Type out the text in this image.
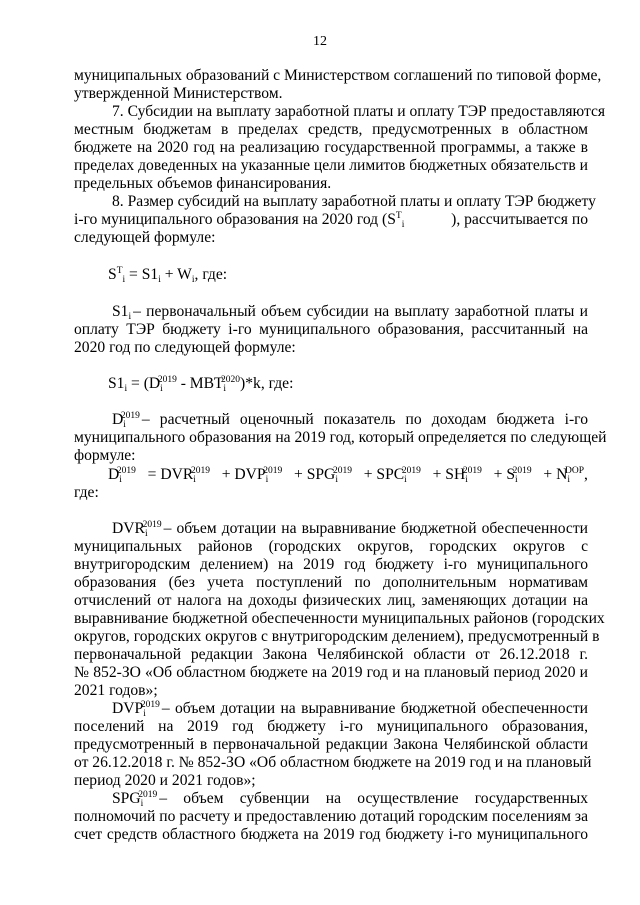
12
муниципальных образований с Министерством соглашений по типовой форме,
утвержденной Министерством.
7. Субсидии на выплату заработной платы и оплату ТЭР предоставляются
местным бюджетам в пределах средств, предусмотренных в областном
бюджете на 2020 год на реализацию государственной программы, а также в
пределах доведенных на указанные цели лимитов бюджетных обязательств и
предельных объемов финансирования.
8. Размер субсидий на выплату заработной платы и оплату ТЭР бюджету
i-го муниципального образования на 2020 год ($S^T_i$	), рассчитывается по
следующей формуле:
$S^T_i = S1_i + W_i$, где:
$S1_i$ – первоначальный объем субсидии на выплату заработной платы и
оплату ТЭР бюджету i-го муниципального образования, рассчитанный на
2020 год по следующей формуле:
$S1_i = (D_i^{2019} - МВТ_i^{2020})*k$, где:
$D_i^{2019}$ – расчетный оценочный показатель по доходам бюджета i-го
муниципального образования на 2019 год, который определяется по следующей
формуле:
$D_i^{2019} = DVR_i^{2019} + DVP_i^{2019} + SPG_i^{2019} + SPC_i^{2019} + SH_i^{2019} + S_i^{2019} + N_i^{DOP}$,
где:
$DVR_i^{2019}$ – объем дотации на выравнивание бюджетной обеспеченности
муниципальных районов (городских округов, городских округов с
внутригородским делением) на 2019 год бюджету i-го муниципального
образования (без учета поступлений по дополнительным нормативам
отчислений от налога на доходы физических лиц, заменяющих дотации на
выравнивание бюджетной обеспеченности муниципальных районов (городских
округов, городских округов с внутригородским делением), предусмотренный в
первоначальной редакции Закона Челябинской области от 26.12.2018 г.
№ 852-ЗО «Об областном бюджете на 2019 год и на плановый период 2020 и
2021 годов»;
$DVP_i^{2019}$ – объем дотации на выравнивание бюджетной обеспеченности
поселений на 2019 год бюджету i-го муниципального образования,
предусмотренный в первоначальной редакции Закона Челябинской области
от 26.12.2018 г. № 852-ЗО «Об областном бюджете на 2019 год и на плановый
период 2020 и 2021 годов»;
$SPG_i^{2019}$ – объем субвенции на осуществление государственных
полномочий по расчету и предоставлению дотаций городским поселениям за
счет средств областного бюджета на 2019 год бюджету i-го муниципального
